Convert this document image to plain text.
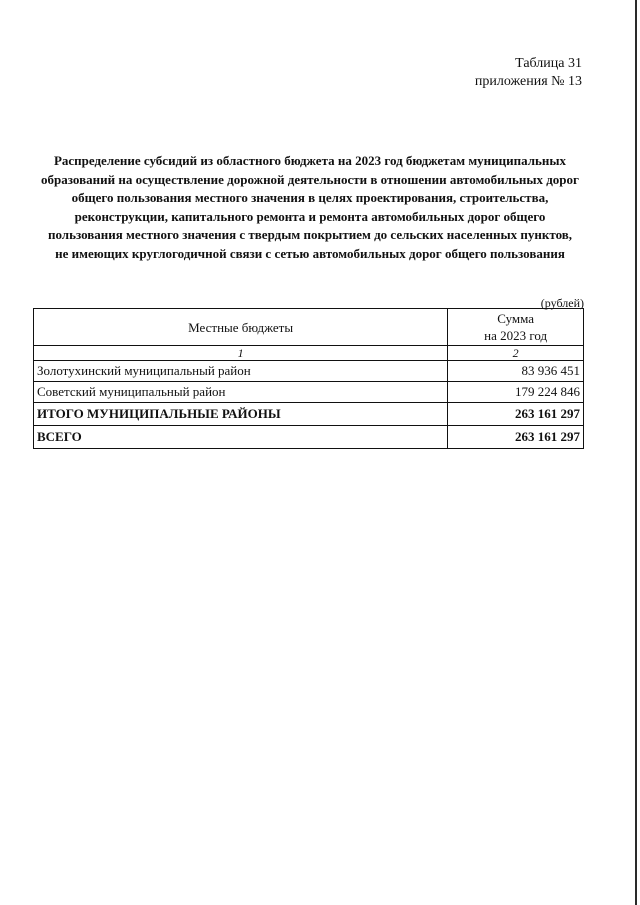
Таблица 31
приложения № 13
Распределение субсидий из областного бюджета на 2023 год бюджетам муниципальных образований на осуществление дорожной деятельности в отношении автомобильных дорог общего пользования местного значения в целях проектирования, строительства, реконструкции, капитального ремонта и ремонта автомобильных дорог общего пользования местного значения с твердым покрытием до сельских населенных пунктов, не имеющих круглогодичной связи с сетью автомобильных дорог общего пользования
(рублей)
Местные бюджеты	Сумма
на 2023 год

1	2
Золотухинский муниципальный район	83 936 451
Советский муниципальный район	179 224 846
ИТОГО МУНИЦИПАЛЬНЫЕ РАЙОНЫ	263 161 297
ВСЕГО	263 161 297
